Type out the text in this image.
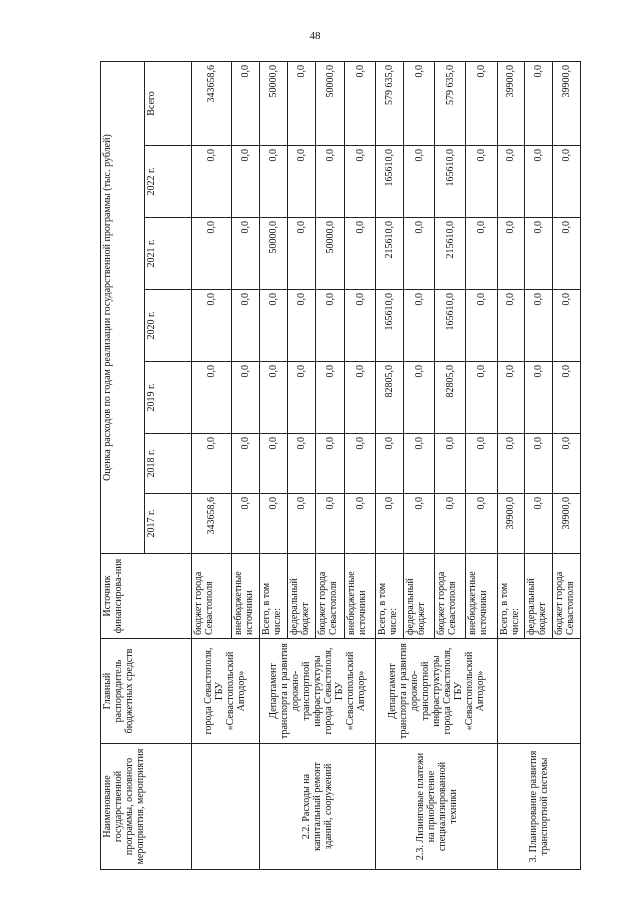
48
Наименование государственной программы, основного мероприятия, мероприятия	Главный распорядитель бюджетных средств	Источник финансирова-ния	Оценка расходов по годам реализации государственной программы (тыс. рублей)						
			2017 г.	2018 г.	2019 г.	2020 г.	2021 г.	2022 г.	Всего
	города Севастополя, ГБУ «Севастопольский Автодор»	бюджет города Севастополя	343658,6	0,0	0,0	0,0	0,0	0,0	343658,6
		внебюджетные источники	0,0	0,0	0,0	0,0	0,0	0,0	0,0
2.2. Расходы на капитальный ремонт зданий, сооружений	Департамент транспорта и развития дорожно-транспортной инфраструктуры города Севастополя, ГБУ «Севастопольский Автодор»	Всего, в том числе:	0,0	0,0	0,0	0,0	50000,0	0,0	50000,0
		федеральный бюджет	0,0	0,0	0,0	0,0	0,0	0,0	0,0
		бюджет города Севастополя	0,0	0,0	0,0	0,0	50000,0	0,0	50000,0
		внебюджетные источники	0,0	0,0	0,0	0,0	0,0	0,0	0,0
2.3. Лизинговые платежи на приобретение специализированной техники	Департамент транспорта и развития дорожно-транспортной инфраструктуры города Севастополя, ГБУ «Севастопольский Автодор»	Всего, в том числе:	0,0	0,0	82805,0	165610,0	215610,0	165610,0	579 635,0
		федеральный бюджет	0,0	0,0	0,0	0,0	0,0	0,0	0,0
		бюджет города Севастополя	0,0	0,0	82805,0	165610,0	215610,0	165610,0	579 635,0
		внебюджетные источники	0,0	0,0	0,0	0,0	0,0	0,0	0,0
3. Планирование развития транспортной системы		Всего, в том числе:	39900,0	0,0	0,0	0,0	0,0	0,0	39900,0
		федеральный бюджет	0,0	0,0	0,0	0,0	0,0	0,0	0,0
		бюджет города Севастополя	39900,0	0,0	0,0	0,0	0,0	0,0	39900,0
